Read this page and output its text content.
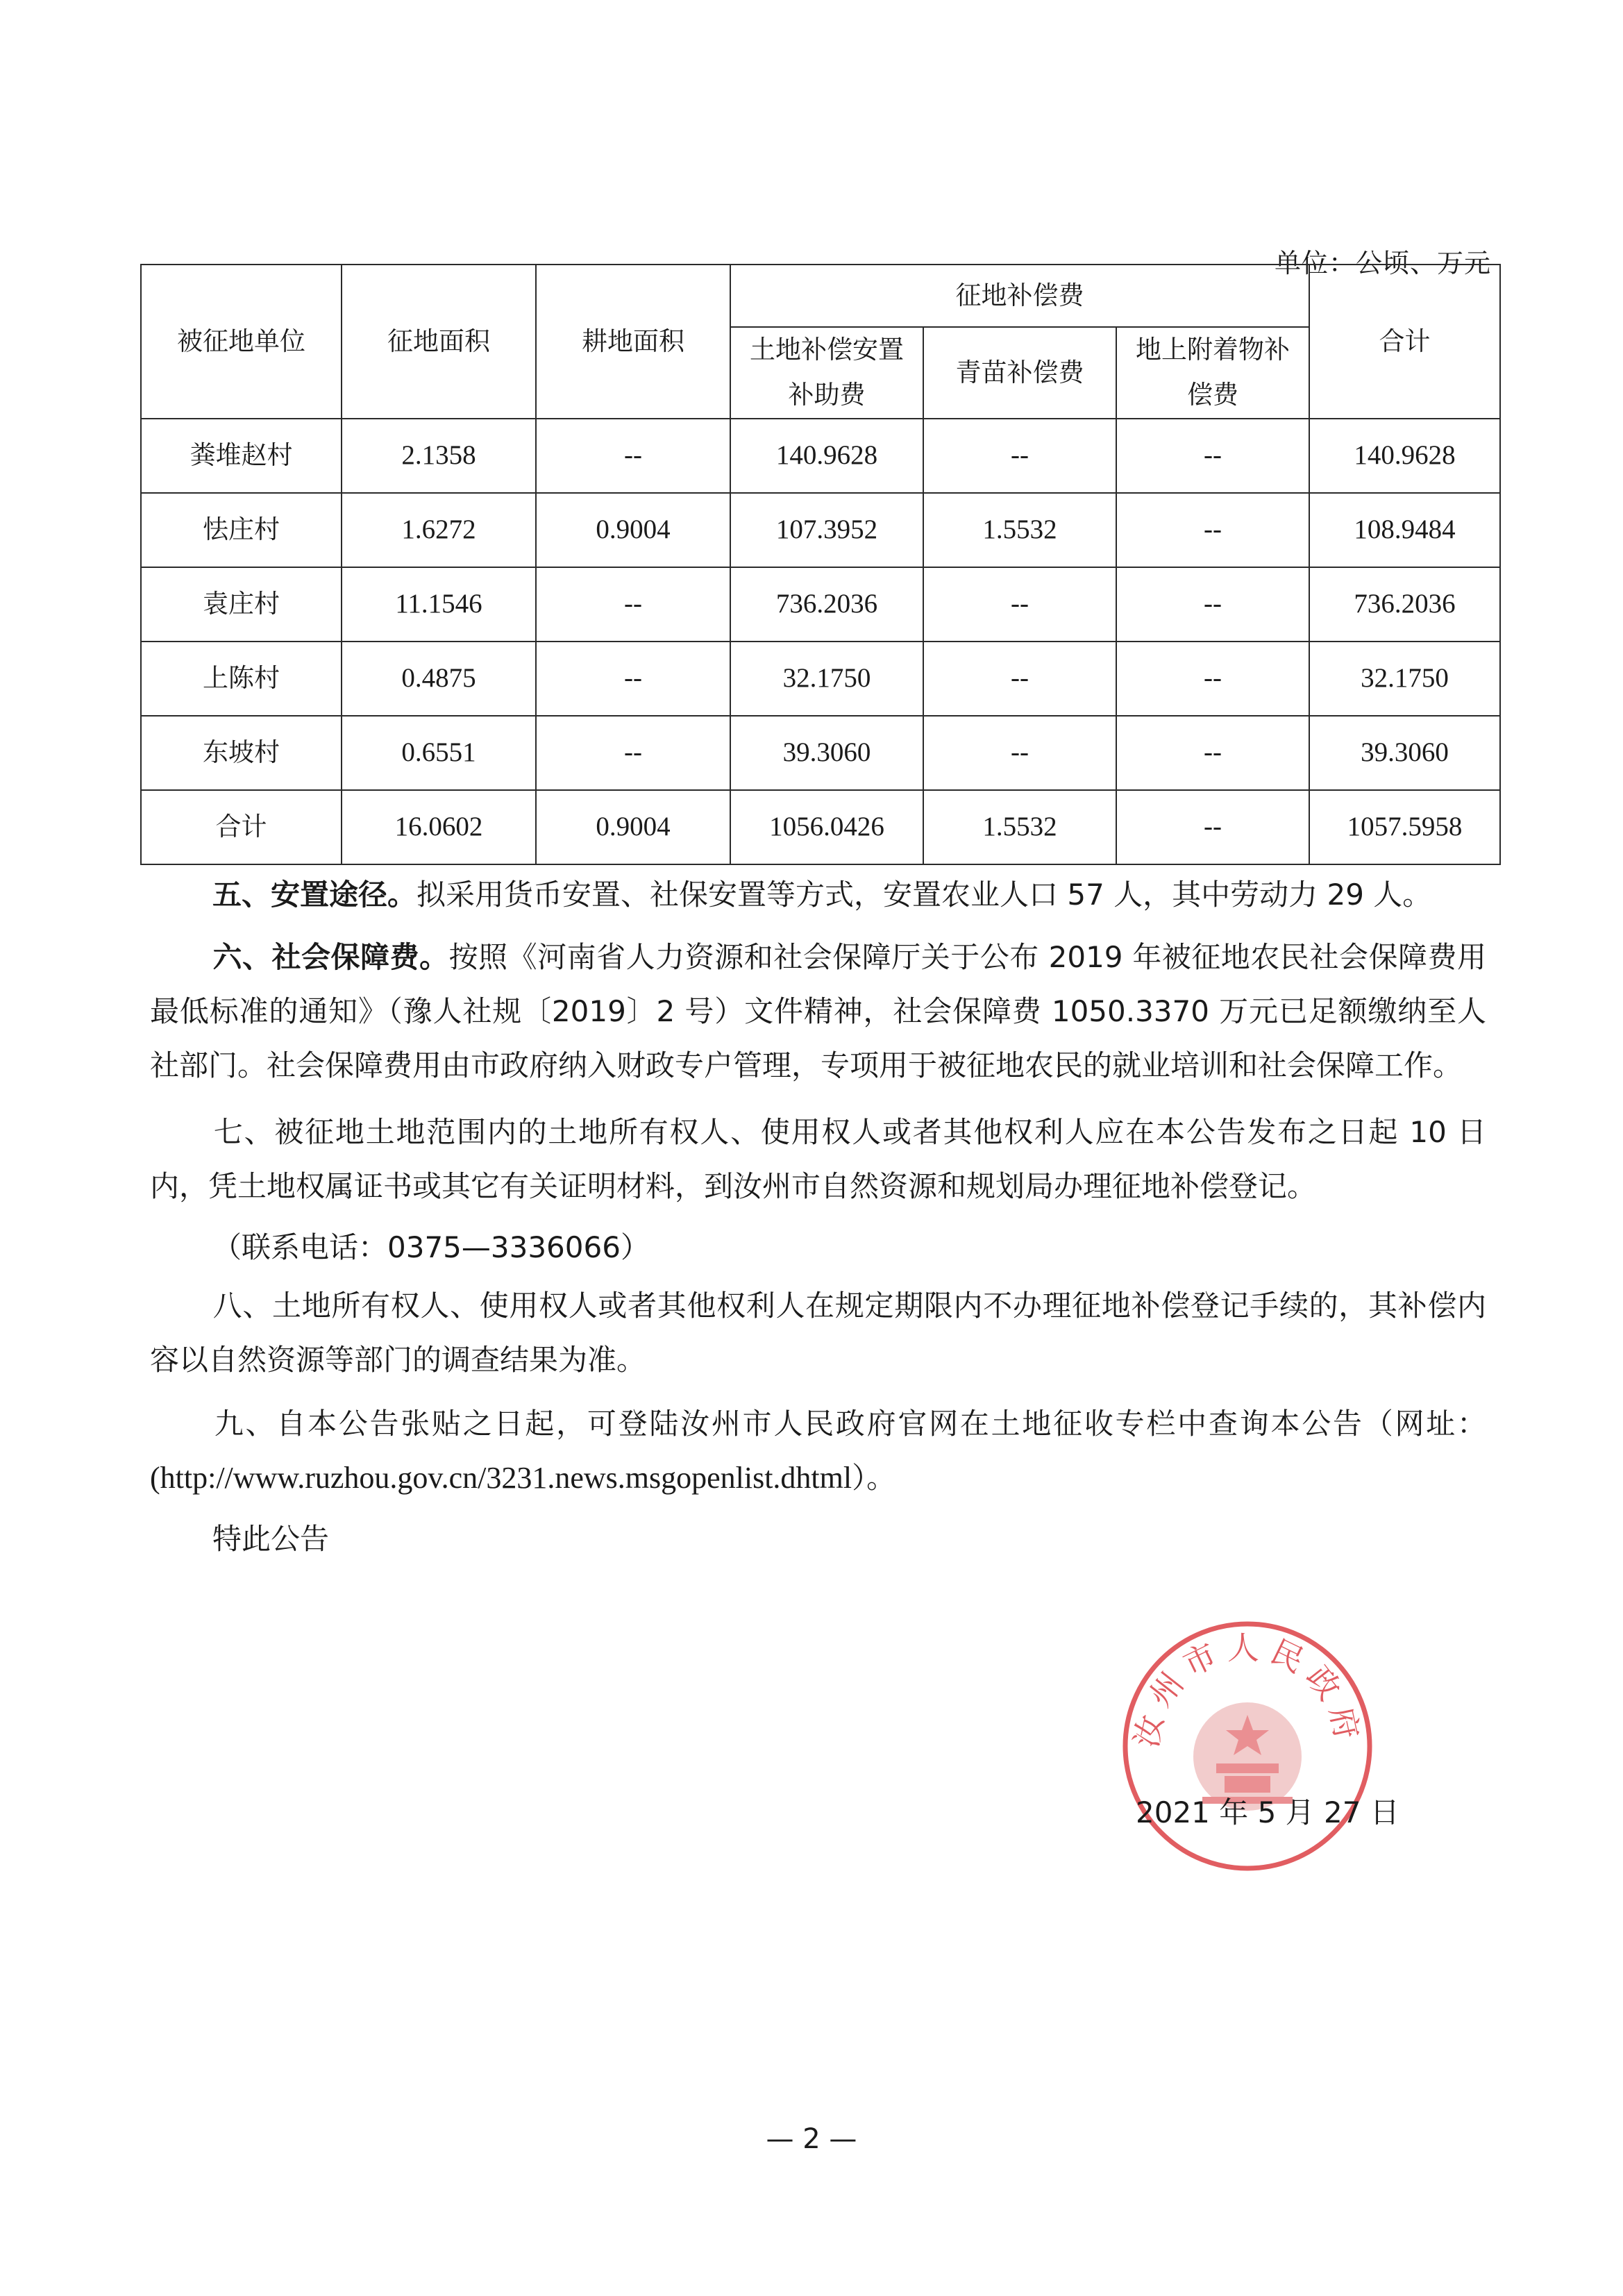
单位：公顷、万元
被征地单位	征地面积	耕地面积	征地补偿费			合计
			土地补偿安置补助费	青苗补偿费	地上附着物补偿费	
粪堆赵村	2.1358	--	140.9628	--	--	140.9628
怯庄村	1.6272	0.9004	107.3952	1.5532	--	108.9484
袁庄村	11.1546	--	736.2036	--	--	736.2036
上陈村	0.4875	--	32.1750	--	--	32.1750
东坡村	0.6551	--	39.3060	--	--	39.3060
合计	16.0602	0.9004	1056.0426	1.5532	--	1057.5958
五、安置途径。拟采用货币安置、社保安置等方式，安置农业人口 57 人，其中劳动力 29 人。
六、社会保障费。按照《河南省人力资源和社会保障厅关于公布 2019 年被征地农民社会保障费用最低标准的通知》（豫人社规〔2019〕2 号）文件精神，社会保障费 1050.3370 万元已足额缴纳至人社部门。社会保障费用由市政府纳入财政专户管理，专项用于被征地农民的就业培训和社会保障工作。
七、被征地土地范围内的土地所有权人、使用权人或者其他权利人应在本公告发布之日起 10 日内，凭土地权属证书或其它有关证明材料，到汝州市自然资源和规划局办理征地补偿登记。
（联系电话：0375—3336066）
八、土地所有权人、使用权人或者其他权利人在规定期限内不办理征地补偿登记手续的，其补偿内容以自然资源等部门的调查结果为准。
九、自本公告张贴之日起，可登陆汝州市人民政府官网在土地征收专栏中查询本公告（网址：(http://www.ruzhou.gov.cn/3231.news.msgopenlist.dhtml）。
特此公告
汝州市人民政府
2021 年 5 月 27 日
— 2 —
